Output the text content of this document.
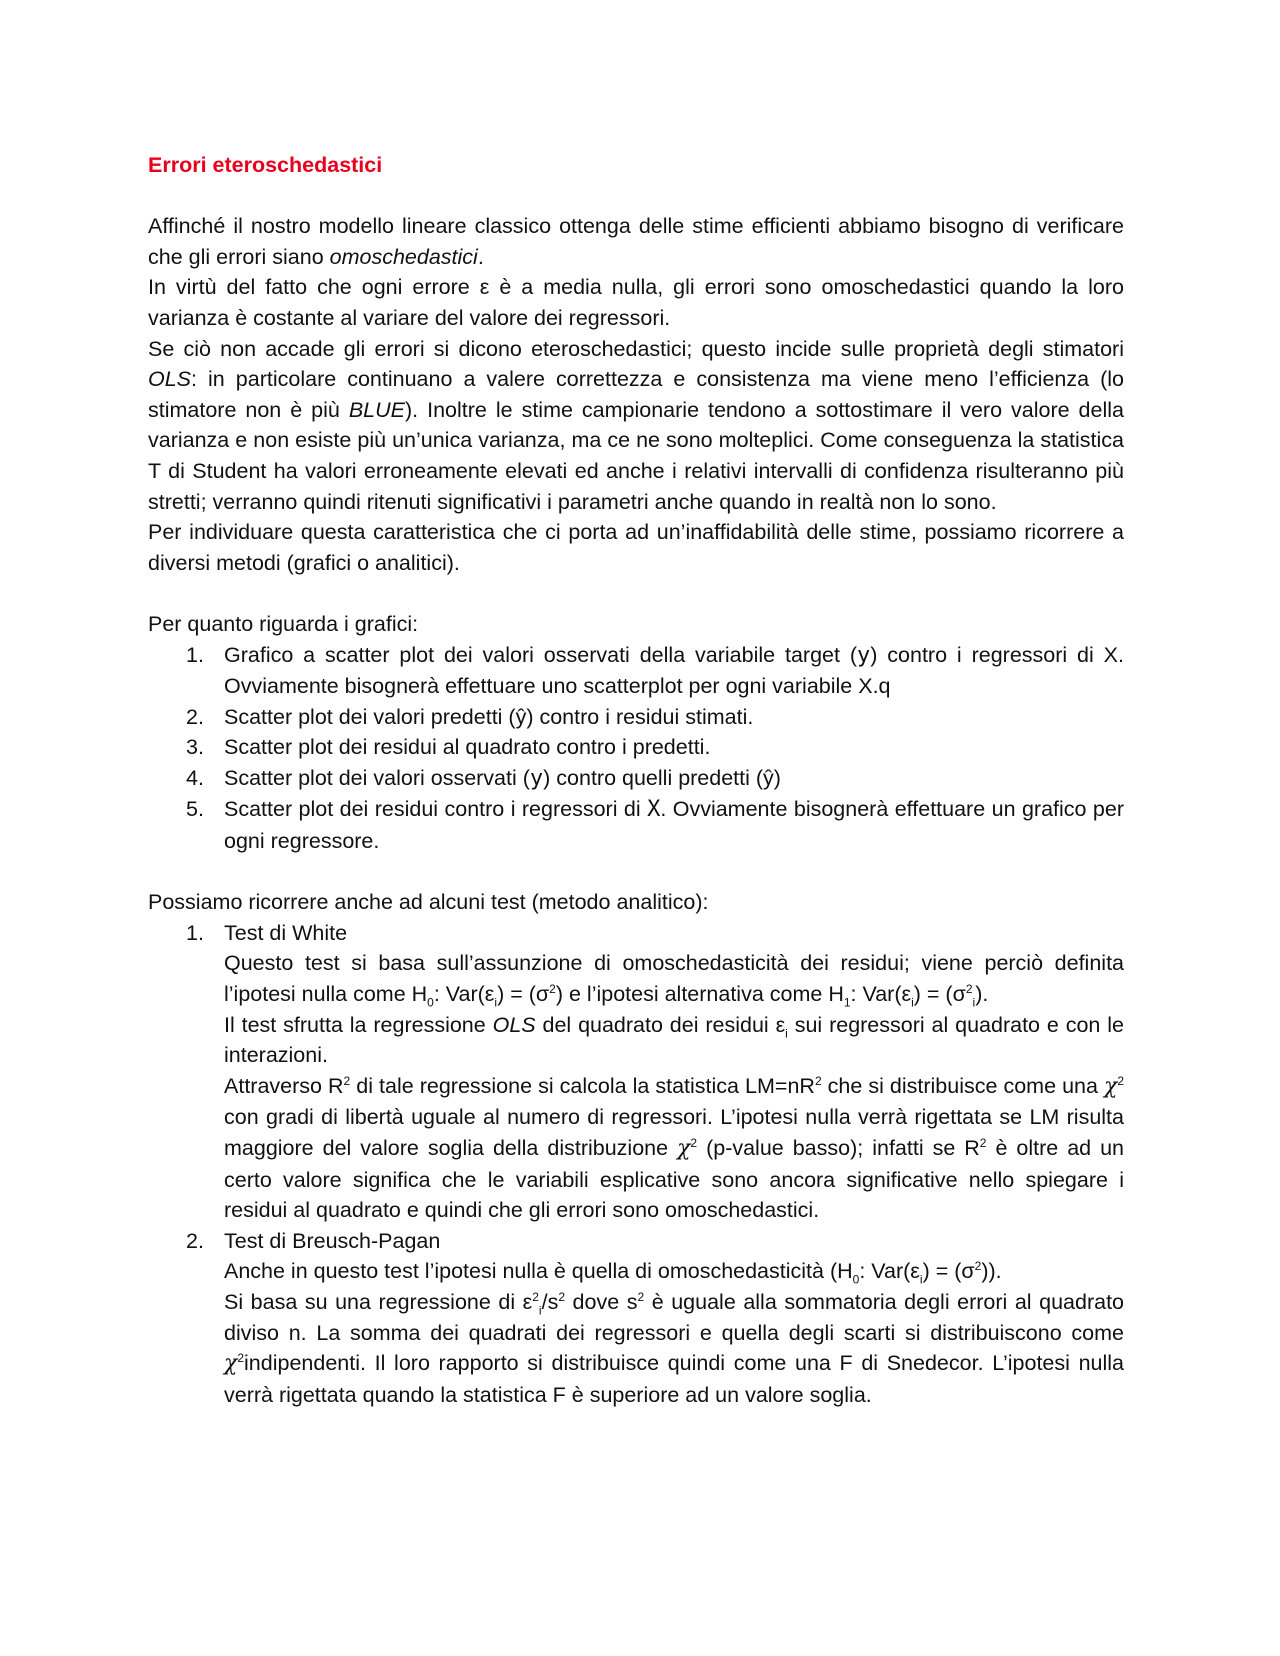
Errori eteroschedastici

Affinché il nostro modello lineare classico ottenga delle stime efficienti abbiamo bisogno di verificare che gli errori siano omoschedastici.

In virtù del fatto che ogni errore ε è a media nulla, gli errori sono omoschedastici quando la loro varianza è costante al variare del valore dei regressori.

Se ciò non accade gli errori si dicono eteroschedastici; questo incide sulle proprietà degli stimatori OLS: in particolare continuano a valere correttezza e consistenza ma viene meno l’efficienza (lo stimatore non è più BLUE). Inoltre le stime campionarie tendono a sottostimare il vero valore della varianza e non esiste più un’unica varianza, ma ce ne sono molteplici. Come conseguenza la statistica T di Student ha valori erroneamente elevati ed anche i relativi intervalli di confidenza risulteranno più stretti; verranno quindi ritenuti significativi i parametri anche quando in realtà non lo sono.

Per individuare questa caratteristica che ci porta ad un’inaffidabilità delle stime, possiamo ricorrere a diversi metodi (grafici o analitici).

Per quanto riguarda i grafici:

1. Grafico a scatter plot dei valori osservati della variabile target (y) contro i regressori di X. Ovviamente bisognerà effettuare uno scatterplot per ogni variabile X.q
2. Scatter plot dei valori predetti (ŷ) contro i residui stimati.
3. Scatter plot dei residui al quadrato contro i predetti.
4. Scatter plot dei valori osservati (y) contro quelli predetti (ŷ)
5. Scatter plot dei residui contro i regressori di X. Ovviamente bisognerà effettuare un grafico per ogni regressore.

Possiamo ricorrere anche ad alcuni test (metodo analitico):

1. Test di White
Questo test si basa sull’assunzione di omoschedasticità dei residui; viene perciò definita l’ipotesi nulla come $H_0$: $Var(\varepsilon_i) = (\sigma^2)$ e l’ipotesi alternativa come $H_1$: $Var(\varepsilon_i) = (\sigma^2_i)$.
Il test sfrutta la regressione OLS del quadrato dei residui $\varepsilon_i$ sui regressori al quadrato e con le interazioni.
Attraverso $R^2$ di tale regressione si calcola la statistica $LM=nR^2$ che si distribuisce come una $\chi^2$ con gradi di libertà uguale al numero di regressori. L’ipotesi nulla verrà rigettata se LM risulta maggiore del valore soglia della distribuzione $\chi^2$ (p-value basso); infatti se $R^2$ è oltre ad un certo valore significa che le variabili esplicative sono ancora significative nello spiegare i residui al quadrato e quindi che gli errori sono omoschedastici.
2. Test di Breusch-Pagan
Anche in questo test l’ipotesi nulla è quella di omoschedasticità ($H_0$: $Var(\varepsilon_i) = (\sigma^2)$).
Si basa su una regressione di $\varepsilon^2_i/s^2$ dove $s^2$ è uguale alla sommatoria degli errori al quadrato diviso n. La somma dei quadrati dei regressori e quella degli scarti si distribuiscono come $\chi^2indipendenti$. Il loro rapporto si distribuisce quindi come una F di Snedecor. L’ipotesi nulla verrà rigettata quando la statistica F è superiore ad un valore soglia.
